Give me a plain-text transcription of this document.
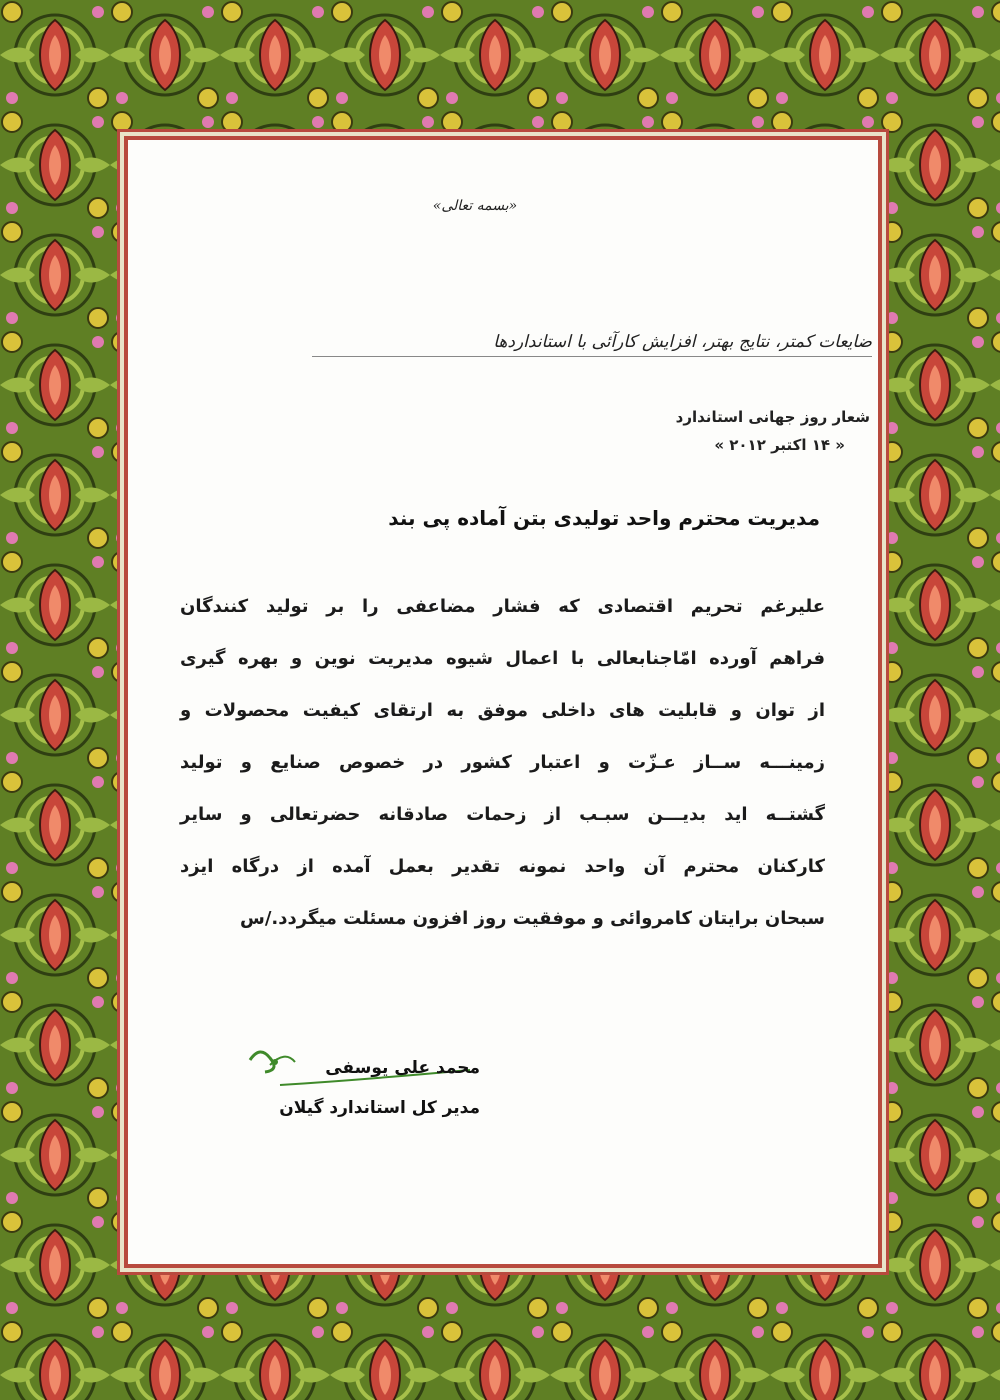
«بسمه تعالی»
ضایعات کمتر، نتایج بهتر، افزایش کارآئی با استانداردها
شعار روز جهانی استاندارد
« ۱۴ اکتبر ۲۰۱۲ »
مدیریت محترم واحد تولیدی بتن آماده پی بند
علیرغم تحریم اقتصادی که فشار مضاعفی را بر تولید کنندگان
فراهم آورده امّاجنابعالی با اعمال شیوه مدیریت نوین و بهره گیری
از توان و قابلیت های داخلی موفق به ارتقای کیفیت محصولات و
زمینـــه ســاز عـزّت و اعتبار کشور در خصوص صنایع و تولید
گشتــه اید بدیـــن سبـب از زحمات صادقانه حضرتعالی و سایر
کارکنان محترم آن واحد نمونه تقدیر بعمل آمده از درگاه ایزد
سبحان برایتان کامروائی و موفقیت روز افزون مسئلت میگردد./س
محمد علی یوسفی
مدیر کل استاندارد گیلان
